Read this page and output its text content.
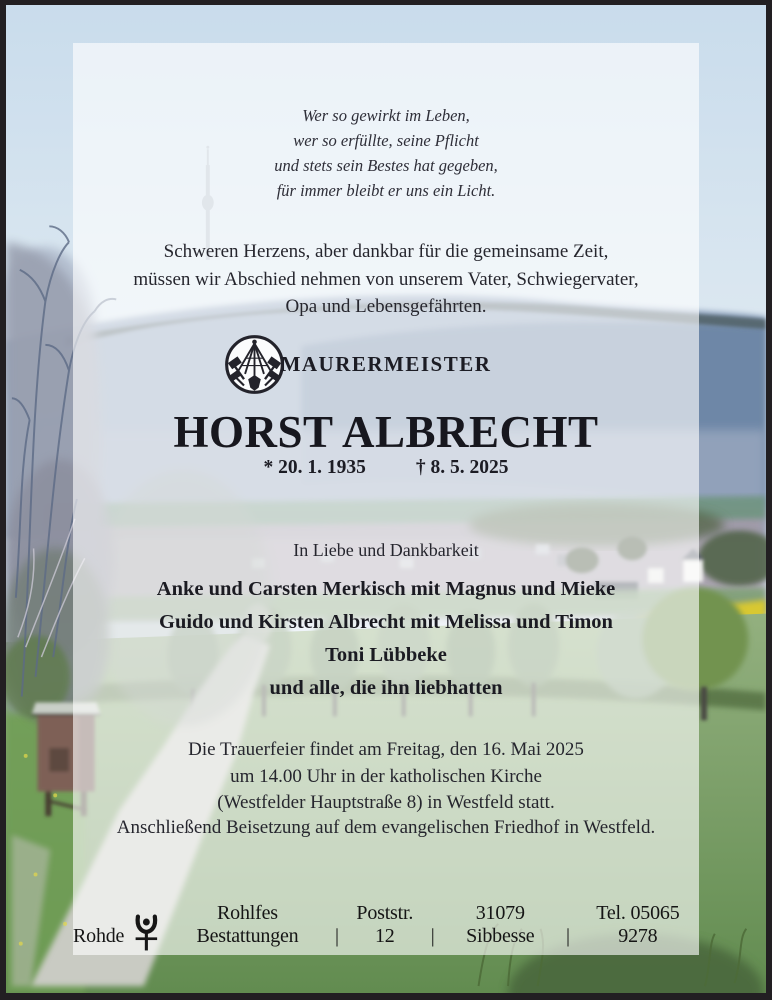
Wer so gewirkt im Leben,
wer so erfüllte, seine Pflicht
und stets sein Bestes hat gegeben,
für immer bleibt er uns ein Licht.
Schweren Herzens, aber dankbar für die gemeinsame Zeit,
müssen wir Abschied nehmen von unserem Vater, Schwiegervater,
Opa und Lebensgefährten.
MAURERMEISTER
HORST ALBRECHT
* 20. 1. 1935	† 8. 5. 2025
In Liebe und Dankbarkeit
Anke und Carsten Merkisch mit Magnus und Mieke
Guido und Kirsten Albrecht mit Melissa und Timon
Toni Lübbeke
und alle, die ihn liebhatten
Die Trauerfeier findet am Freitag, den 16. Mai 2025
um 14.00 Uhr in der katholischen Kirche
(Westfelder Hauptstraße 8) in Westfeld statt.
Anschließend Beisetzung auf dem evangelischen Friedhof in Westfeld.
Rohde
Rohlfes Bestattungen	|
Poststr. 12	|
31079 Sibbesse	|
Tel. 05065 9278
